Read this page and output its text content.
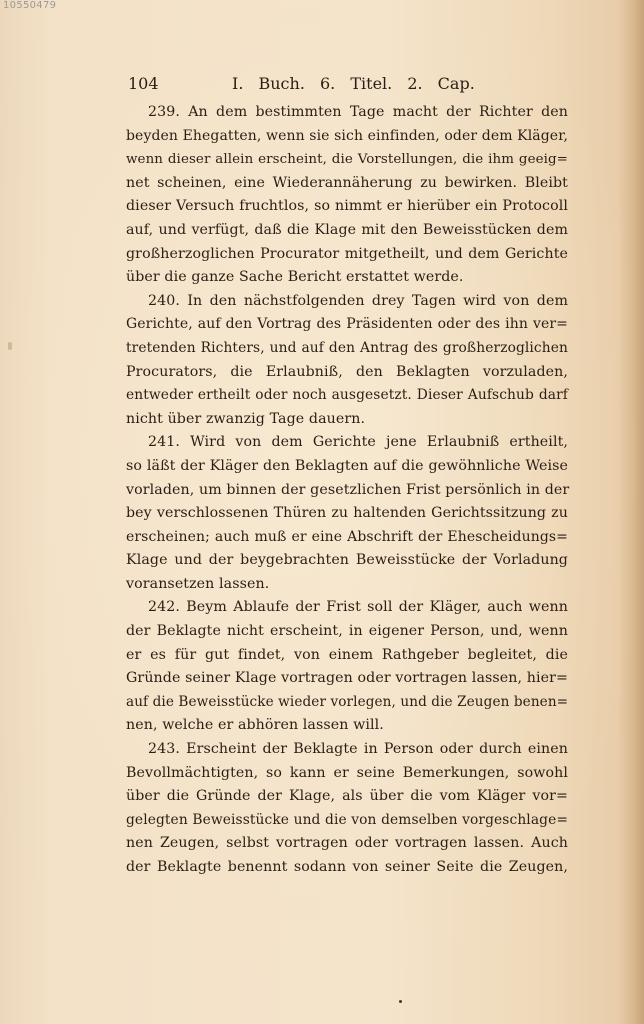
10550479
104	I. Buch. 6. Titel. 2. Cap.
239. An dem bestimmten Tage macht der Richter den
beyden Ehegatten, wenn sie sich einfinden, oder dem Kläger,
wenn dieser allein erscheint, die Vorstellungen, die ihm geeig=
net scheinen, eine Wiederannäherung zu bewirken. Bleibt
dieser Versuch fruchtlos, so nimmt er hierüber ein Protocoll
auf, und verfügt, daß die Klage mit den Beweisstücken dem
großherzoglichen Procurator mitgetheilt, und dem Gerichte
über die ganze Sache Bericht erstattet werde.
240. In den nächstfolgenden drey Tagen wird von dem
Gerichte, auf den Vortrag des Präsidenten oder des ihn ver=
tretenden Richters, und auf den Antrag des großherzoglichen
Procurators, die Erlaubniß, den Beklagten vorzuladen,
entweder ertheilt oder noch ausgesetzt. Dieser Aufschub darf
nicht über zwanzig Tage dauern.
241. Wird von dem Gerichte jene Erlaubniß ertheilt,
so läßt der Kläger den Beklagten auf die gewöhnliche Weise
vorladen, um binnen der gesetzlichen Frist persönlich in der
bey verschlossenen Thüren zu haltenden Gerichtssitzung zu
erscheinen; auch muß er eine Abschrift der Ehescheidungs=
Klage und der beygebrachten Beweisstücke der Vorladung
voransetzen lassen.
242. Beym Ablaufe der Frist soll der Kläger, auch wenn
der Beklagte nicht erscheint, in eigener Person, und, wenn
er es für gut findet, von einem Rathgeber begleitet, die
Gründe seiner Klage vortragen oder vortragen lassen, hier=
auf die Beweisstücke wieder vorlegen, und die Zeugen benen=
nen, welche er abhören lassen will.
243. Erscheint der Beklagte in Person oder durch einen
Bevollmächtigten, so kann er seine Bemerkungen, sowohl
über die Gründe der Klage, als über die vom Kläger vor=
gelegten Beweisstücke und die von demselben vorgeschlage=
nen Zeugen, selbst vortragen oder vortragen lassen. Auch
der Beklagte benennt sodann von seiner Seite die Zeugen,
